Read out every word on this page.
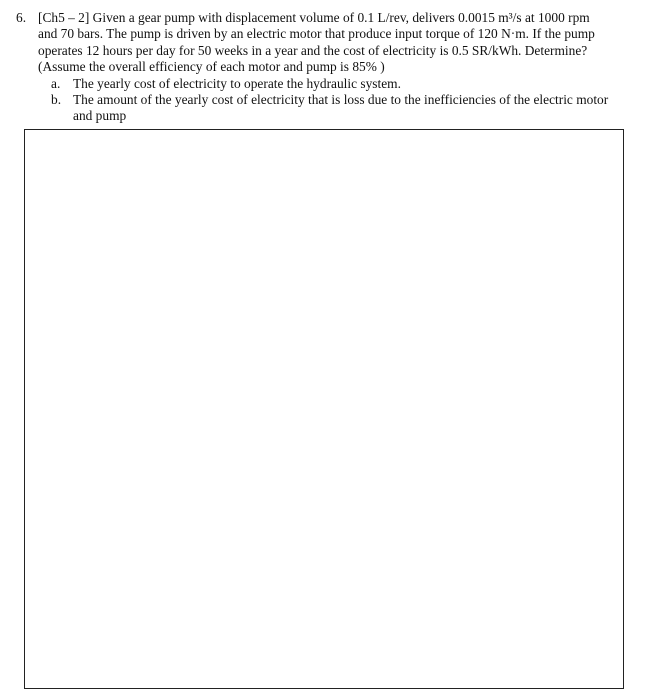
6. [Ch5 – 2] Given a gear pump with displacement volume of 0.1 L/rev, delivers 0.0015 m³/s at 1000 rpm
and 70 bars. The pump is driven by an electric motor that produce input torque of 120 N·m. If the pump
operates 12 hours per day for 50 weeks in a year and the cost of electricity is 0.5 SR/kWh. Determine?
(Assume the overall efficiency of each motor and pump is 85% )
a. The yearly cost of electricity to operate the hydraulic system.
b. The amount of the yearly cost of electricity that is loss due to the inefficiencies of the electric motor
and pump
